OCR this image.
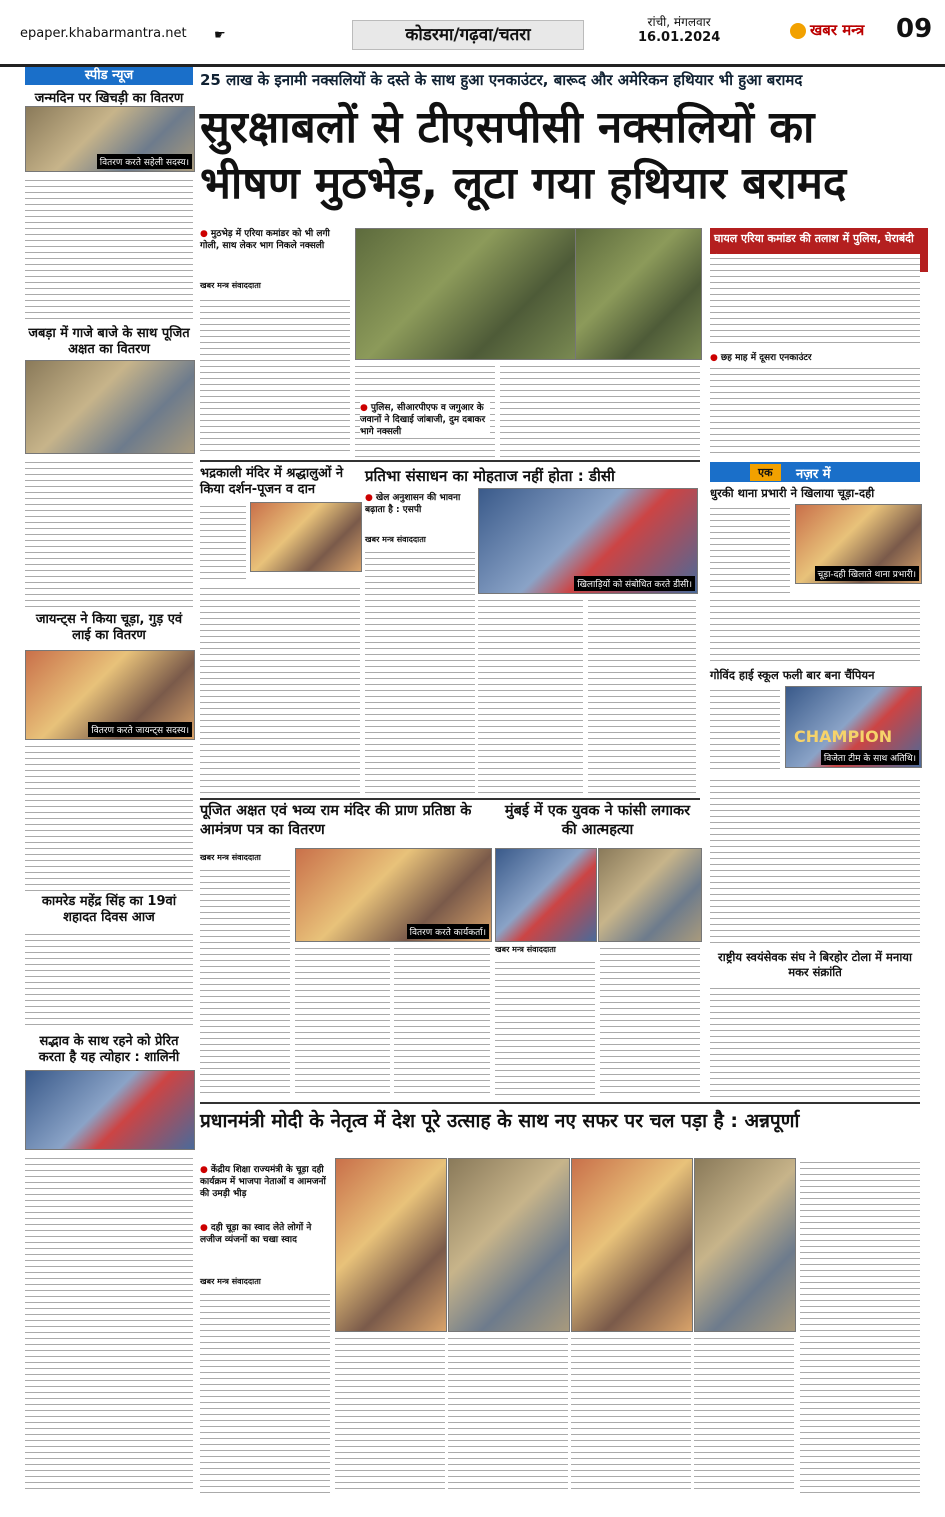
epaper.khabarmantra.net ☛	कोडरमा/गढ़वा/चतरा
रांची, मंगलवार
16.01.2024	खबर मन्त्र 09
स्पीड न्यूज
जन्मदिन पर खिचड़ी का वितरण
वितरण करते सहेली सदस्य।
जबड़ा में गाजे बाजे के साथ पूजित अक्षत का वितरण
जायन्ट्स ने किया चूड़ा, गुड़ एवं लाई का वितरण
वितरण करते जायन्ट्स सदस्य।
कामरेड महेंद्र सिंह का 19वां शहादत दिवस आज
सद्भाव के साथ रहने को प्रेरित करता है यह त्योहार : शालिनी
25 लाख के इनामी नक्सलियों के दस्ते के साथ हुआ एनकाउंटर, बारूद और अमेरिकन हथियार भी हुआ बरामद
सुरक्षाबलों से टीएसपीसी नक्सलियों का
भीषण मुठभेड़, लूटा गया हथियार बरामद
● मुठभेड़ में एरिया कमांडर को भी लगी गोली, साथ लेकर भाग निकले नक्सली
खबर मन्त्र संवाददाता
● पुलिस, सीआरपीएफ व जगुआर के जवानों ने दिखाई जांबाजी, दुम दबाकर भागे नक्सली
घायल एरिया कमांडर की तलाश में पुलिस, घेराबंदी
● छह माह में दूसरा एनकाउंटर
भद्रकाली मंदिर में श्रद्धालुओं ने किया दर्शन-पूजन व दान
प्रतिभा संसाधन का मोहताज नहीं होता : डीसी
● खेल अनुशासन की भावना बढ़ाता है : एसपी
खबर मन्त्र संवाददाता
खिलाड़ियों को संबोधित करते डीसी।
एक	नज़र में
धुरकी थाना प्रभारी ने खिलाया चूड़ा-दही
चूड़ा-दही खिलाते थाना प्रभारी।
गोविंद हाई स्कूल फली बार बना चैंपियन
CHAMPION
विजेता टीम के साथ अतिथि।
राष्ट्रीय स्वयंसेवक संघ ने बिरहोर टोला में मनाया मकर संक्रांति
पूजित अक्षत एवं भव्य राम मंदिर की प्राण प्रतिष्ठा के आमंत्रण पत्र का वितरण
खबर मन्त्र संवाददाता
वितरण करते कार्यकर्ता।
मुंबई में एक युवक ने फांसी लगाकर की आत्महत्या
खबर मन्त्र संवाददाता
प्रधानमंत्री मोदी के नेतृत्व में देश पूरे उत्साह के साथ नए सफर पर चल पड़ा है : अन्नपूर्णा
● केंद्रीय शिक्षा राज्यमंत्री के चूड़ा दही कार्यक्रम में भाजपा नेताओं व आमजनों की उमड़ी भीड़
● दही चूड़ा का स्वाद लेते लोगों ने लजीज व्यंजनों का चखा स्वाद
खबर मन्त्र संवाददाता
